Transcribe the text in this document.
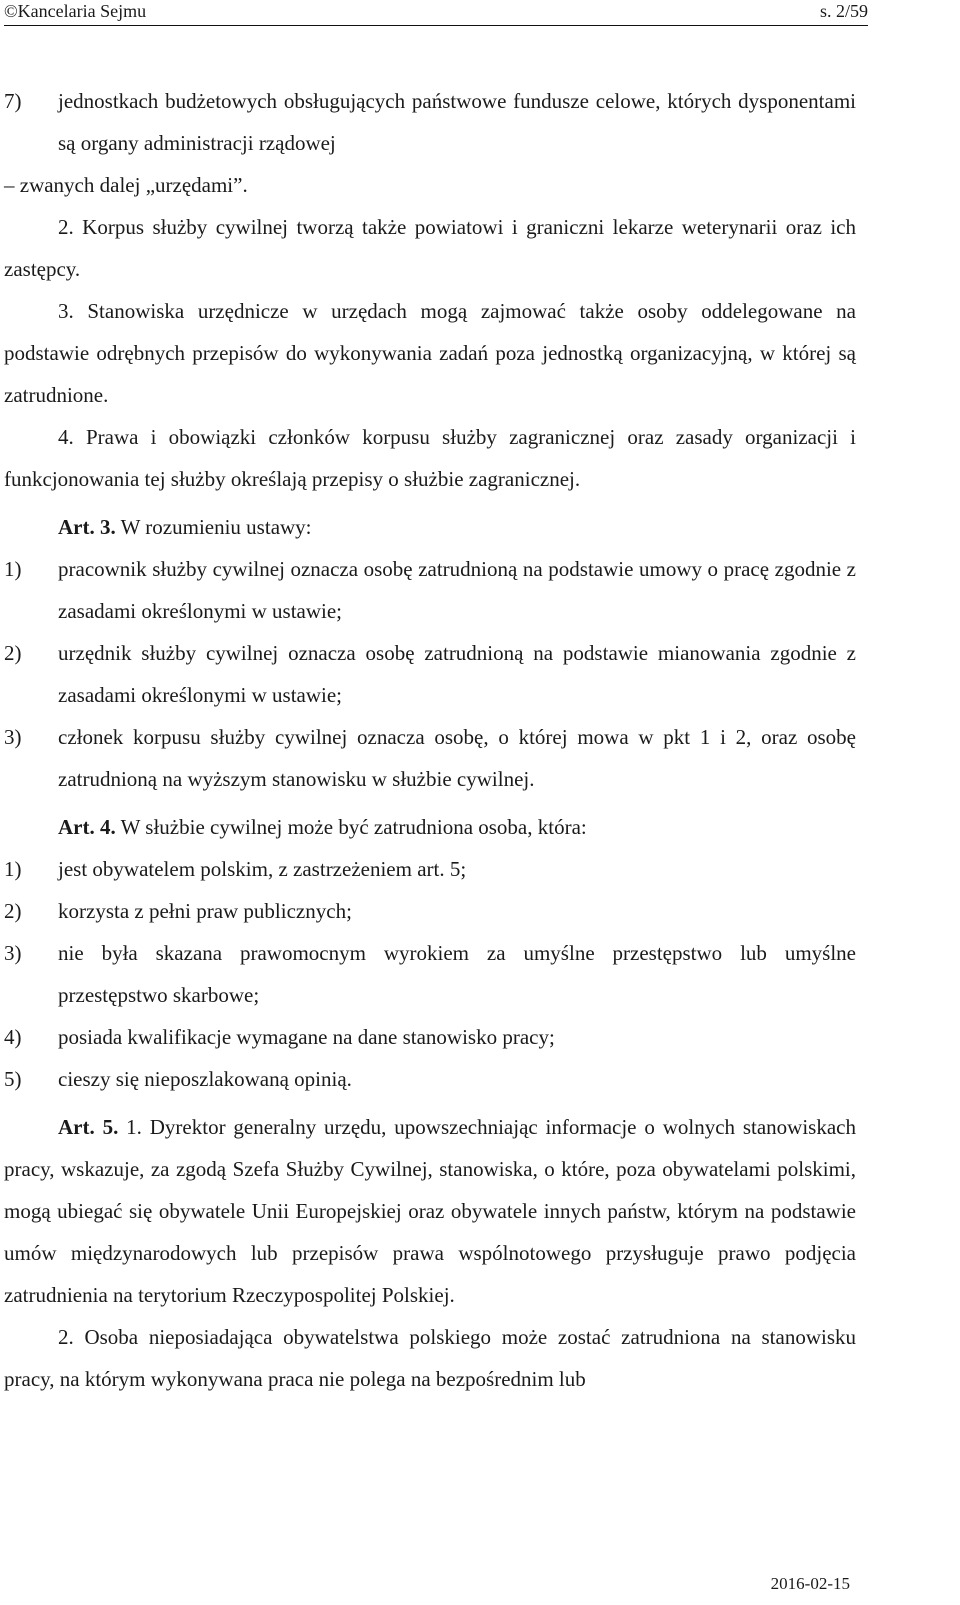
©Kancelaria Sejmu	s. 2/59
7)	jednostkach budżetowych obsługujących państwowe fundusze celowe, których dysponentami są organy administracji rządowej
– zwanych dalej „urzędami”.
2. Korpus służby cywilnej tworzą także powiatowi i graniczni lekarze weterynarii oraz ich zastępcy.
3. Stanowiska urzędnicze w urzędach mogą zajmować także osoby oddelegowane na podstawie odrębnych przepisów do wykonywania zadań poza jednostką organizacyjną, w której są zatrudnione.
4. Prawa i obowiązki członków korpusu służby zagranicznej oraz zasady organizacji i funkcjonowania tej służby określają przepisy o służbie zagranicznej.
Art. 3. W rozumieniu ustawy:
1)	pracownik służby cywilnej oznacza osobę zatrudnioną na podstawie umowy o pracę zgodnie z zasadami określonymi w ustawie;
2)	urzędnik służby cywilnej oznacza osobę zatrudnioną na podstawie mianowania zgodnie z zasadami określonymi w ustawie;
3)	członek korpusu służby cywilnej oznacza osobę, o której mowa w pkt 1 i 2, oraz osobę zatrudnioną na wyższym stanowisku w służbie cywilnej.
Art. 4. W służbie cywilnej może być zatrudniona osoba, która:
1)	jest obywatelem polskim, z zastrzeżeniem art. 5;
2)	korzysta z pełni praw publicznych;
3)	nie była skazana prawomocnym wyrokiem za umyślne przestępstwo lub umyślne przestępstwo skarbowe;
4)	posiada kwalifikacje wymagane na dane stanowisko pracy;
5)	cieszy się nieposzlakowaną opinią.
Art. 5. 1. Dyrektor generalny urzędu, upowszechniając informacje o wolnych stanowiskach pracy, wskazuje, za zgodą Szefa Służby Cywilnej, stanowiska, o które, poza obywatelami polskimi, mogą ubiegać się obywatele Unii Europejskiej oraz obywatele innych państw, którym na podstawie umów międzynarodowych lub przepisów prawa wspólnotowego przysługuje prawo podjęcia zatrudnienia na terytorium Rzeczypospolitej Polskiej.
2. Osoba nieposiadająca obywatelstwa polskiego może zostać zatrudniona na stanowisku pracy, na którym wykonywana praca nie polega na bezpośrednim lub
2016-02-15
